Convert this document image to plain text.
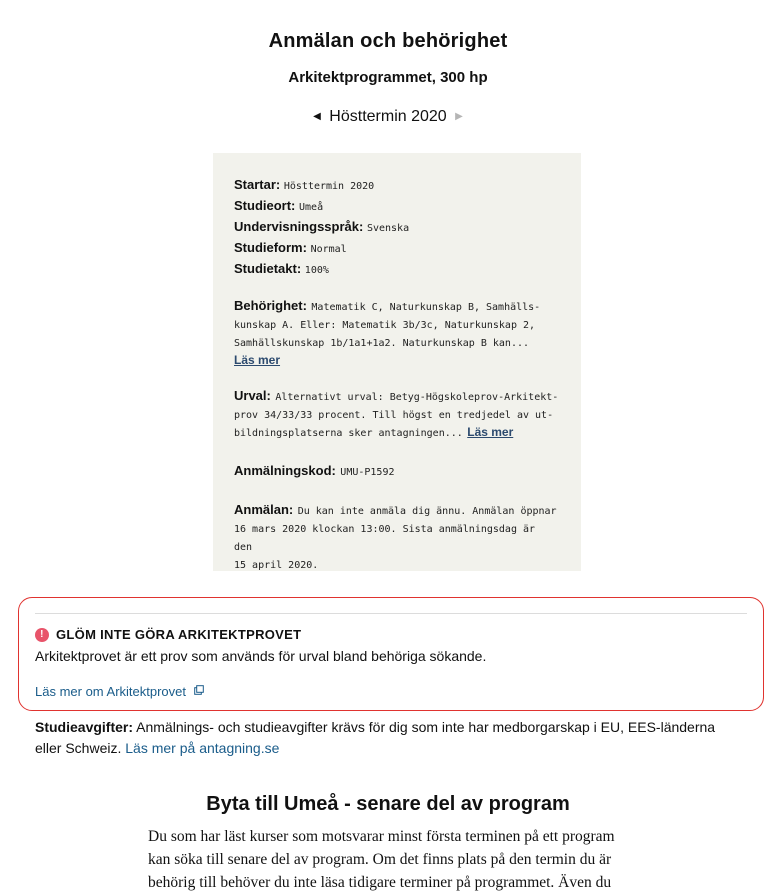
Anmälan och behörighet
Arkitektprogrammet, 300 hp
◀ Hösttermin 2020 ▶
Startar: Hösttermin 2020
Studieort: Umeå
Undervisningsspråk: Svenska
Studieform: Normal
Studietakt: 100%
Behörighet: Matematik C, Naturkunskap B, Samhälls-
kunskap A. Eller: Matematik 3b/3c, Naturkunskap 2,
Samhällskunskap 1b/1a1+1a2. Naturkunskap B kan...
Läs mer
Urval: Alternativt urval: Betyg-Högskoleprov-Arkitekt-
prov 34/33/33 procent. Till högst en tredjedel av ut-
bildningsplatserna sker antagningen... Läs mer
Anmälningskod: UMU-P1592
Anmälan: Du kan inte anmäla dig ännu. Anmälan öppnar
16 mars 2020 klockan 13:00. Sista anmälningsdag är den
15 april 2020.
! GLÖM INTE GÖRA ARKITEKTPROVET
Arkitektprovet är ett prov som används för urval bland behöriga sökande.
Läs mer om Arkitektprovet
Studieavgifter: Anmälnings- och studieavgifter krävs för dig som inte har medborgarskap i EU, EES-länderna eller Schweiz. Läs mer på antagning.se
Byta till Umeå - senare del av program
Du som har läst kurser som motsvarar minst första terminen på ett program kan söka till senare del av program. Om det finns plats på den termin du är behörig till behöver du inte läsa tidigare terminer på programmet. Även du
